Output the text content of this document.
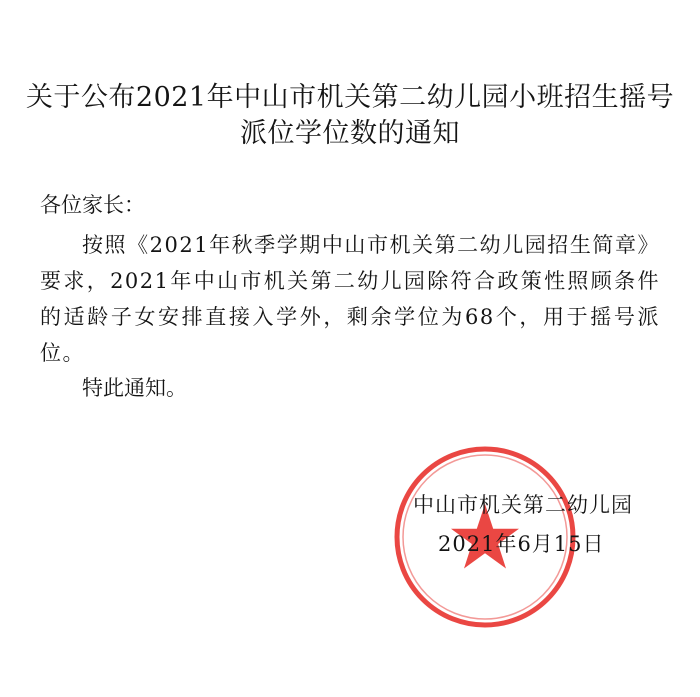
关于公布2021年中山市机关第二幼儿园小班招生摇号
派位学位数的通知
各位家长：
按照《2021年秋季学期中山市机关第二幼儿园招生简章》要求，2021年中山市机关第二幼儿园除符合政策性照顾条件的适龄子女安排直接入学外，剩余学位为68个，用于摇号派位。
特此通知。
中山市机关第二幼儿园
2021年6月15日
